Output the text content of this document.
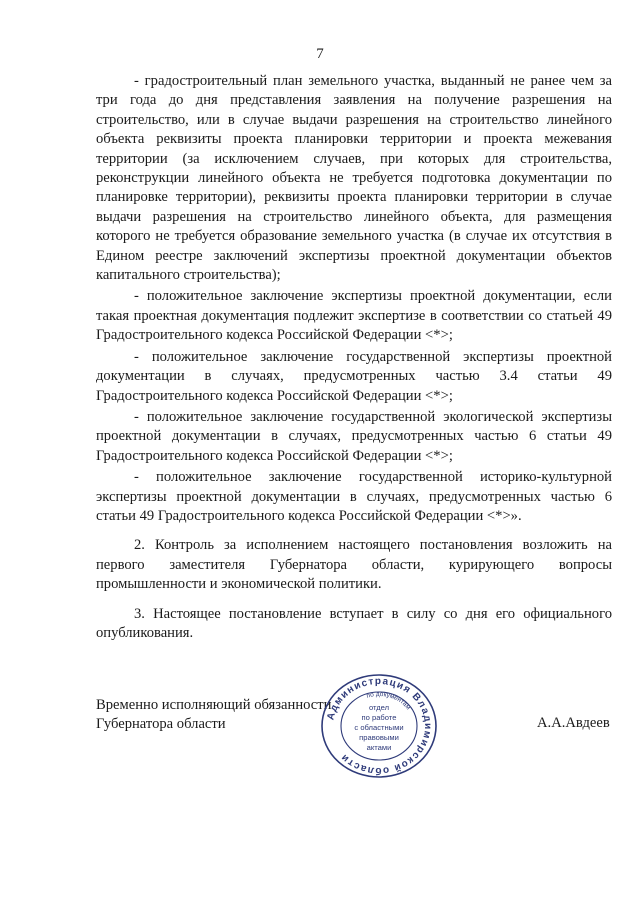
7

- градостроительный план земельного участка, выданный не ранее чем за три года до дня представления заявления на получение разрешения на строительство, или в случае выдачи разрешения на строительство линейного объекта реквизиты проекта планировки территории и проекта межевания территории (за исключением случаев, при которых для строительства, реконструкции линейного объекта не требуется подготовка документации по планировке территории), реквизиты проекта планировки территории в случае выдачи разрешения на строительство линейного объекта, для размещения которого не требуется образование земельного участка (в случае их отсутствия в Едином реестре заключений экспертизы проектной документации объектов капитального строительства);

- положительное заключение экспертизы проектной документации, если такая проектная документация подлежит экспертизе в соответствии со статьей 49 Градостроительного кодекса Российской Федерации <*>;

- положительное заключение государственной экспертизы проектной документации в случаях, предусмотренных частью 3.4 статьи 49 Градостроительного кодекса Российской Федерации <*>;

- положительное заключение государственной экологической экспертизы проектной документации в случаях, предусмотренных частью 6 статьи 49 Градостроительного кодекса Российской Федерации <*>;

- положительное заключение государственной историко-культурной экспертизы проектной документации в случаях, предусмотренных частью 6 статьи 49 Градостроительного кодекса Российской Федерации <*>».

2. Контроль за исполнением настоящего постановления возложить на первого заместителя Губернатора области, курирующего вопросы промышленности и экономической политики.

3. Настоящее постановление вступает в силу со дня его официального опубликования.

Временно исполняющий обязанности
Губернатора области	А.А.Авдеев
Администрация Владимирской области
по документам
отдел
по работе
с областными
правовыми
актами
